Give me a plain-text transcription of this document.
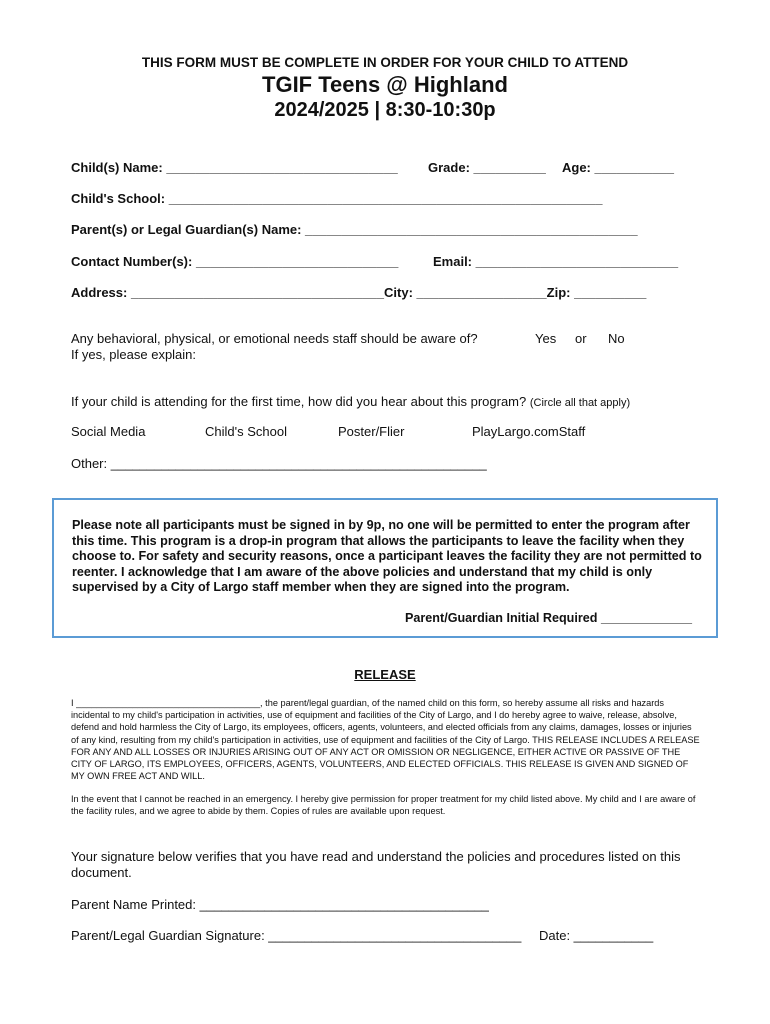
THIS FORM MUST BE COMPLETE IN ORDER FOR YOUR CHILD TO ATTEND
TGIF Teens @ Highland
2024/2025 | 8:30-10:30p
Child(s) Name: ________________________________ Grade: __________ Age: ___________
Child's School: ____________________________________________________________
Parent(s) or Legal Guardian(s) Name: ______________________________________________
Contact Number(s): ____________________________	Email: ____________________________
Address: ___________________________________City: __________________Zip: __________
Any behavioral, physical, or emotional needs staff should be aware of?	Yes or No
If yes, please explain:
If your child is attending for the first time, how did you hear about this program? (Circle all that apply)
Social Media	Child's School	Poster/Flier	PlayLargo.comStaff
Other: ____________________________________________________
Please note all participants must be signed in by 9p, no one will be permitted to enter the program after this time. This program is a drop-in program that allows the participants to leave the facility when they choose to. For safety and security reasons, once a participant leaves the facility they are not permitted to reenter. I acknowledge that I am aware of the above policies and understand that my child is only supervised by a City of Largo staff member when they are signed into the program.
Parent/Guardian Initial Required _____________
RELEASE
I ____________________________________, the parent/legal guardian, of the named child on this form, so hereby assume all risks and hazards incidental to my child's participation in activities, use of equipment and facilities of the City of Largo, and I do hereby agree to waive, release, absolve, defend and hold harmless the City of Largo, its employees, officers, agents, volunteers, and elected officials from any claims, damages, losses or injuries of any kind, resulting from my child's participation in activities, use of equipment and facilities of the City of Largo. THIS RELEASE INCLUDES A RELEASE FOR ANY AND ALL LOSSES OR INJURIES ARISING OUT OF ANY ACT OR OMISSION OR NEGLIGENCE, EITHER ACTIVE OR PASSIVE OF THE CITY OF LARGO, ITS EMPLOYEES, OFFICERS, AGENTS, VOLUNTEERS, AND ELECTED OFFICIALS. THIS RELEASE IS GIVEN AND SIGNED OF MY OWN FREE ACT AND WILL.
In the event that I cannot be reached in an emergency. I hereby give permission for proper treatment for my child listed above. My child and I are aware of the facility rules, and we agree to abide by them. Copies of rules are available upon request.
Your signature below verifies that you have read and understand the policies and procedures listed on this document.
Parent Name Printed: ________________________________________
Parent/Legal Guardian Signature: ___________________________________ Date: ___________
